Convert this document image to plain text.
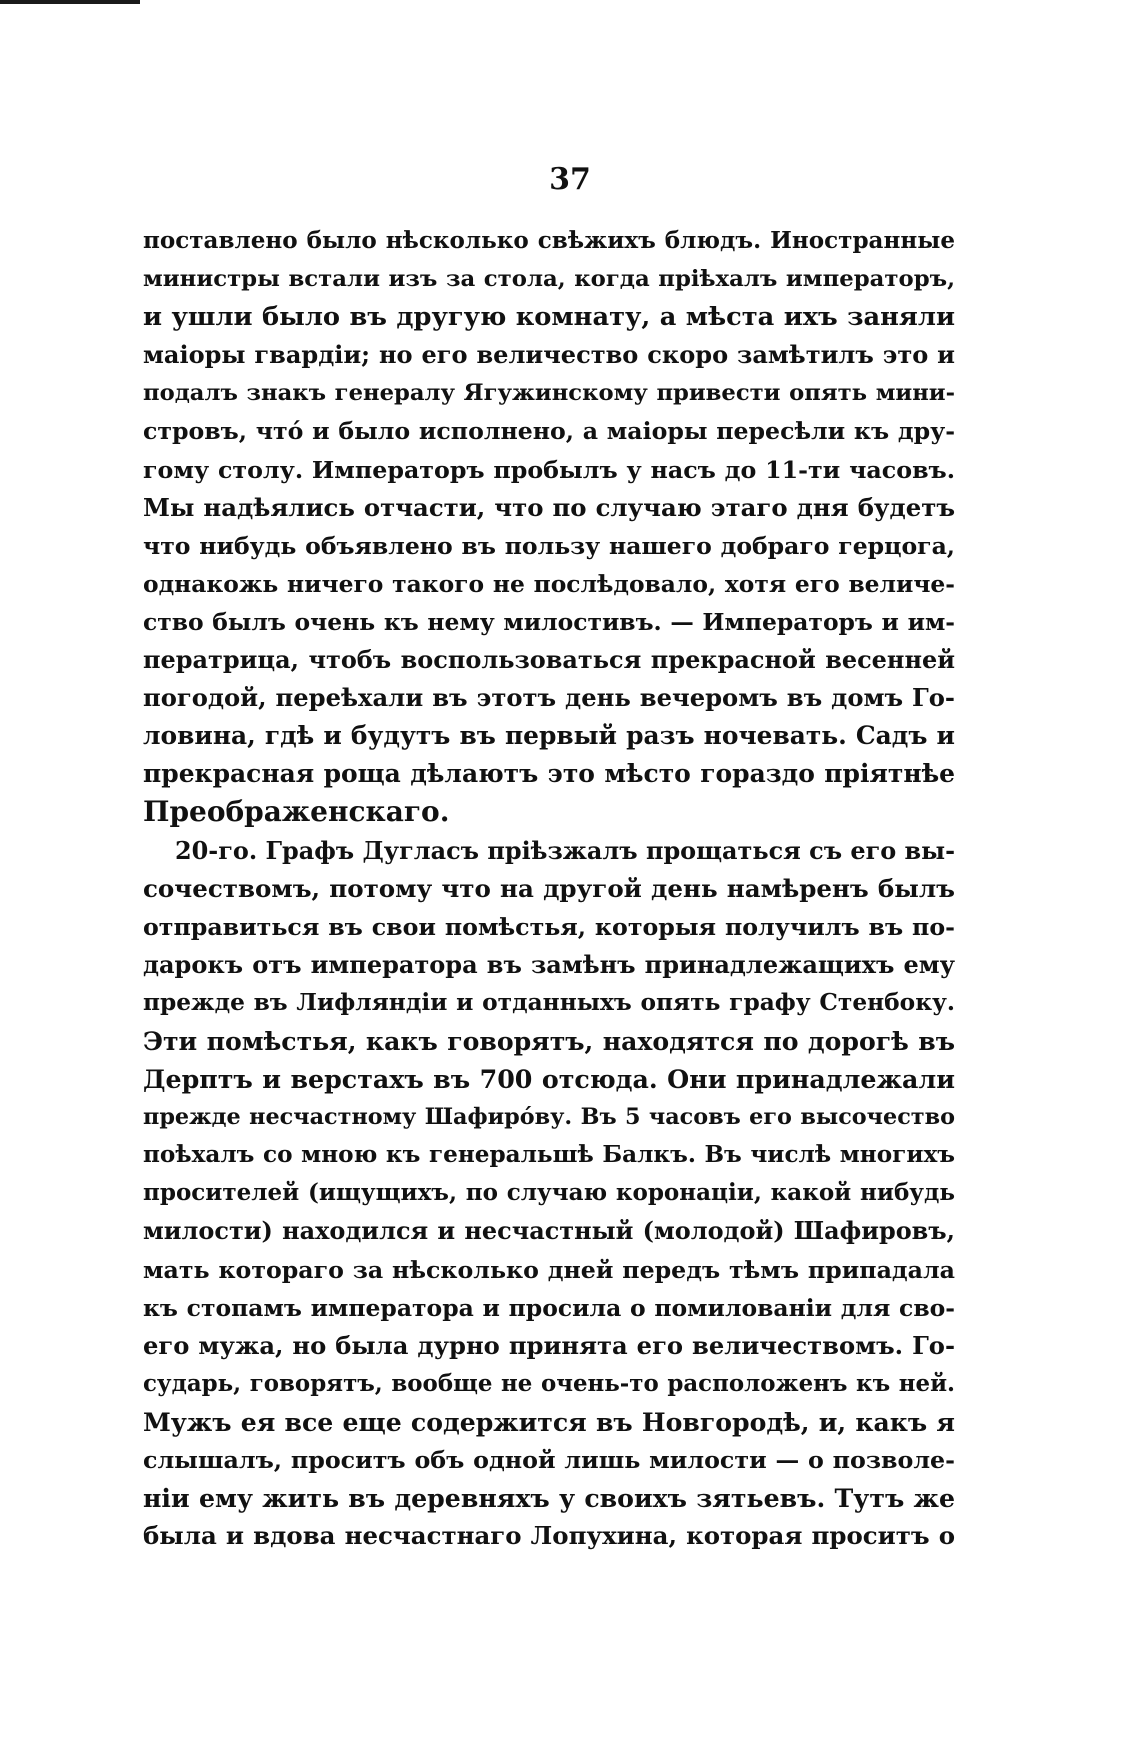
37
поставлено было нѣсколько свѣжихъ блюдъ. Иностранные
министры встали изъ за стола, когда пріѣхалъ императоръ,
и ушли было въ другую комнату, а мѣста ихъ заняли
маіоры гвардіи; но его величество скоро замѣтилъ это и
подалъ знакъ генералу Ягужинскому привести опять мини-
стровъ, чтó и было исполнено, а маіоры пересѣли къ дру-
гому столу. Императоръ пробылъ у насъ до 11-ти часовъ.
Мы надѣялись отчасти, что по случаю этаго дня будетъ
что нибудь объявлено въ пользу нашего добраго герцога,
однакожь ничего такого не послѣдовало, хотя его величе-
ство былъ очень къ нему милостивъ. — Императоръ и им-
ператрица, чтобъ воспользоваться прекрасной весенней
погодой, переѣхали въ этотъ день вечеромъ въ домъ Го-
ловина, гдѣ и будутъ въ первый разъ ночевать. Садъ и
прекрасная роща дѣлаютъ это мѣсто гораздо пріятнѣе
Преображенскаго.
20-го. Графъ Дугласъ пріѣзжалъ прощаться съ его вы-
сочествомъ, потому что на другой день намѣренъ былъ
отправиться въ свои помѣстья, которыя получилъ въ по-
дарокъ отъ императора въ замѣнъ принадлежащихъ ему
прежде въ Лифляндіи и отданныхъ опять графу Стенбоку.
Эти помѣстья, какъ говорятъ, находятся по дорогѣ въ
Дерптъ и верстахъ въ 700 отсюда. Они принадлежали
прежде несчастному Шафирóву. Въ 5 часовъ его высочество
поѣхалъ со мною къ генеральшѣ Балкъ. Въ числѣ многихъ
просителей (ищущихъ, по случаю коронаціи, какой нибудь
милости) находился и несчастный (молодой) Шафировъ,
мать котораго за нѣсколько дней передъ тѣмъ припадала
къ стопамъ императора и просила о помилованіи для сво-
его мужа, но была дурно принята его величествомъ. Го-
сударь, говорятъ, вообще не очень-то расположенъ къ ней.
Мужъ ея все еще содержится въ Новгородѣ, и, какъ я
слышалъ, проситъ объ одной лишь милости — о позволе-
ніи ему жить въ деревняхъ у своихъ зятьевъ. Тутъ же
была и вдова несчастнаго Лопухина, которая проситъ о
